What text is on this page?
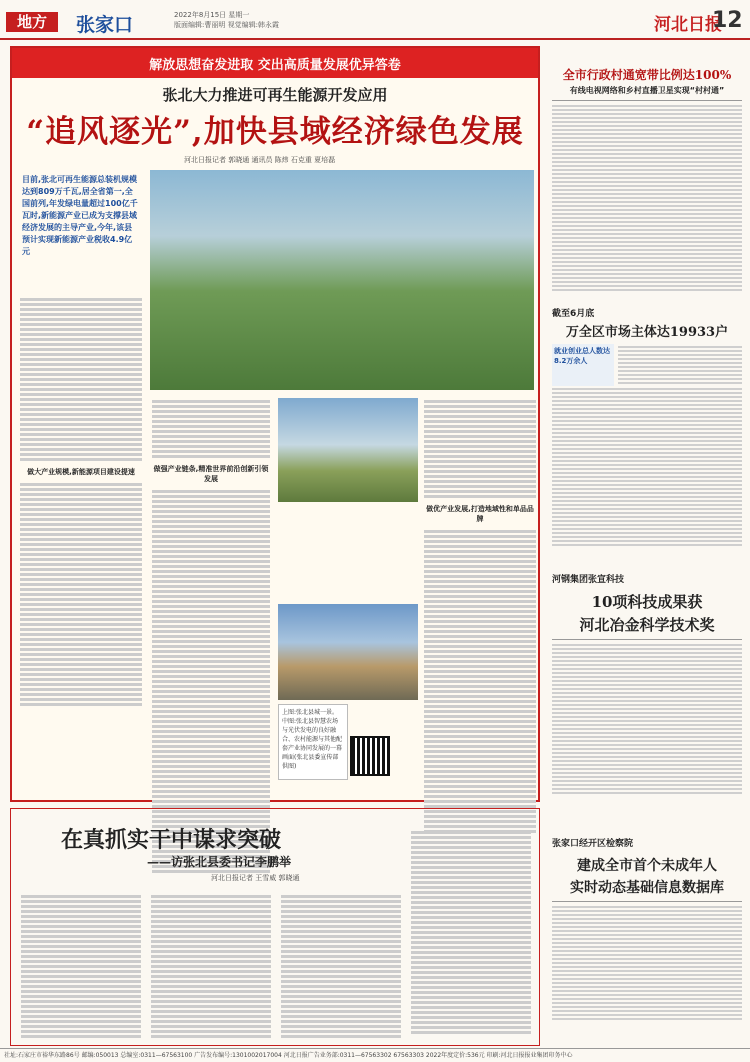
地方	张家口	2022年8月15日 星期一
版面编辑:曹丽明 视觉编辑:韩永霞	河北日报
12
解放思想奋发进取 交出高质量发展优异答卷
张北大力推进可再生能源开发应用
“追风逐光”,加快县域经济绿色发展
河北日报记者 郭晓通 通讯员 陈炜 石克重 夏培磊
目前,张北可再生能源总装机规模达到809万千瓦,居全省第一,全国前列,年发绿电量超过100亿千瓦时,新能源产业已成为支撑县域经济发展的主导产业,今年,该县预计实现新能源产业税收4.9亿元
做大产业规模,新能源项目建设提速	做强产业链条,精准世界前沿创新引领发展
做优产业发展,打造地域性和单品品牌
上图:张北县城一景。 中图:张北县智慧农场与光伏发电的良好融合、农村能源与其他配套产业协同发展的一幕画面(张北县委宣传部供图)
在真抓实干中谋求突破
——访张北县委书记李鹏举
河北日报记者 王雪威 郭晓通
全市行政村通宽带比例达100%
有线电视网络和乡村直播卫星实现“村村通”
截至6月底
万全区市场主体达19933户
就业创业总人数达8.2万余人
河钢集团张宣科技
10项科技成果获
河北冶金科学技术奖
张家口经开区检察院
建成全市首个未成年人
实时动态基础信息数据库
社址:石家庄市裕华东路86号 邮编:050013 总编室:0311—67563100 广告发布编号:1301002017004 河北日报广告业务部:0311—67563302 67563303 2022年度定价:536元 印刷:河北日报报业集团印务中心
